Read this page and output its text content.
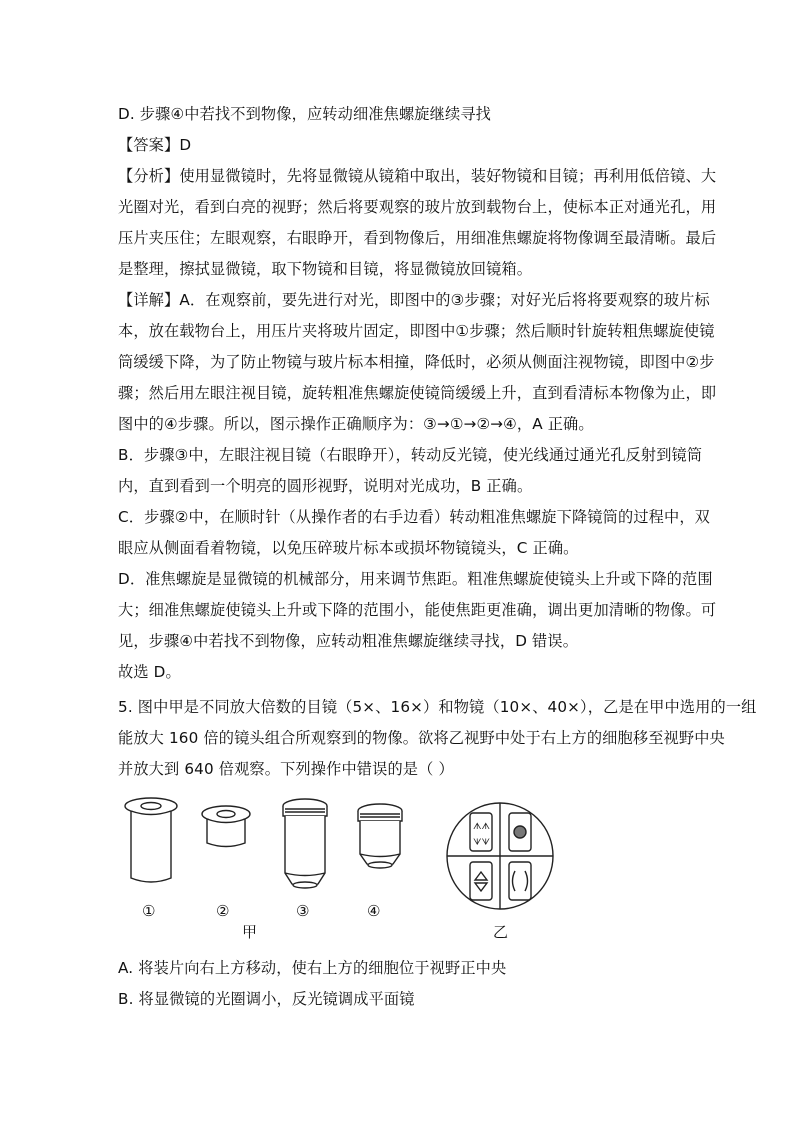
D. 步骤④中若找不到物像，应转动细准焦螺旋继续寻找
【答案】D
【分析】使用显微镜时，先将显微镜从镜箱中取出，装好物镜和目镜；再利用低倍镜、大
光圈对光，看到白亮的视野；然后将要观察的玻片放到载物台上，使标本正对通光孔，用
压片夹压住；左眼观察，右眼睁开，看到物像后，用细准焦螺旋将物像调至最清晰。最后
是整理，擦拭显微镜，取下物镜和目镜，将显微镜放回镜箱。
【详解】A．在观察前，要先进行对光，即图中的③步骤；对好光后将将要观察的玻片标
本，放在载物台上，用压片夹将玻片固定，即图中①步骤；然后顺时针旋转粗焦螺旋使镜
筒缓缓下降，为了防止物镜与玻片标本相撞，降低时，必须从侧面注视物镜，即图中②步
骤；然后用左眼注视目镜，旋转粗准焦螺旋使镜筒缓缓上升，直到看清标本物像为止，即
图中的④步骤。所以，图示操作正确顺序为：③→①→②→④，A 正确。
B．步骤③中，左眼注视目镜（右眼睁开），转动反光镜，使光线通过通光孔反射到镜筒
内，直到看到一个明亮的圆形视野，说明对光成功，B 正确。
C．步骤②中，在顺时针（从操作者的右手边看）转动粗准焦螺旋下降镜筒的过程中，双
眼应从侧面看着物镜，以免压碎玻片标本或损坏物镜镜头，C 正确。
D．准焦螺旋是显微镜的机械部分，用来调节焦距。粗准焦螺旋使镜头上升或下降的范围
大；细准焦螺旋使镜头上升或下降的范围小，能使焦距更准确，调出更加清晰的物像。可
见，步骤④中若找不到物像，应转动粗准焦螺旋继续寻找，D 错误。
故选 D。
5. 图中甲是不同放大倍数的目镜（5×、16×）和物镜（10×、40×），乙是在甲中选用的一组
能放大 160 倍的镜头组合所观察到的物像。欲将乙视野中处于右上方的细胞移至视野中央
并放大到 640 倍观察。下列操作中错误的是（ ）
ᗑᗑ
ᗐᗐ
①	②	③	④
甲	乙
A. 将装片向右上方移动，使右上方的细胞位于视野正中央
B. 将显微镜的光圈调小，反光镜调成平面镜
